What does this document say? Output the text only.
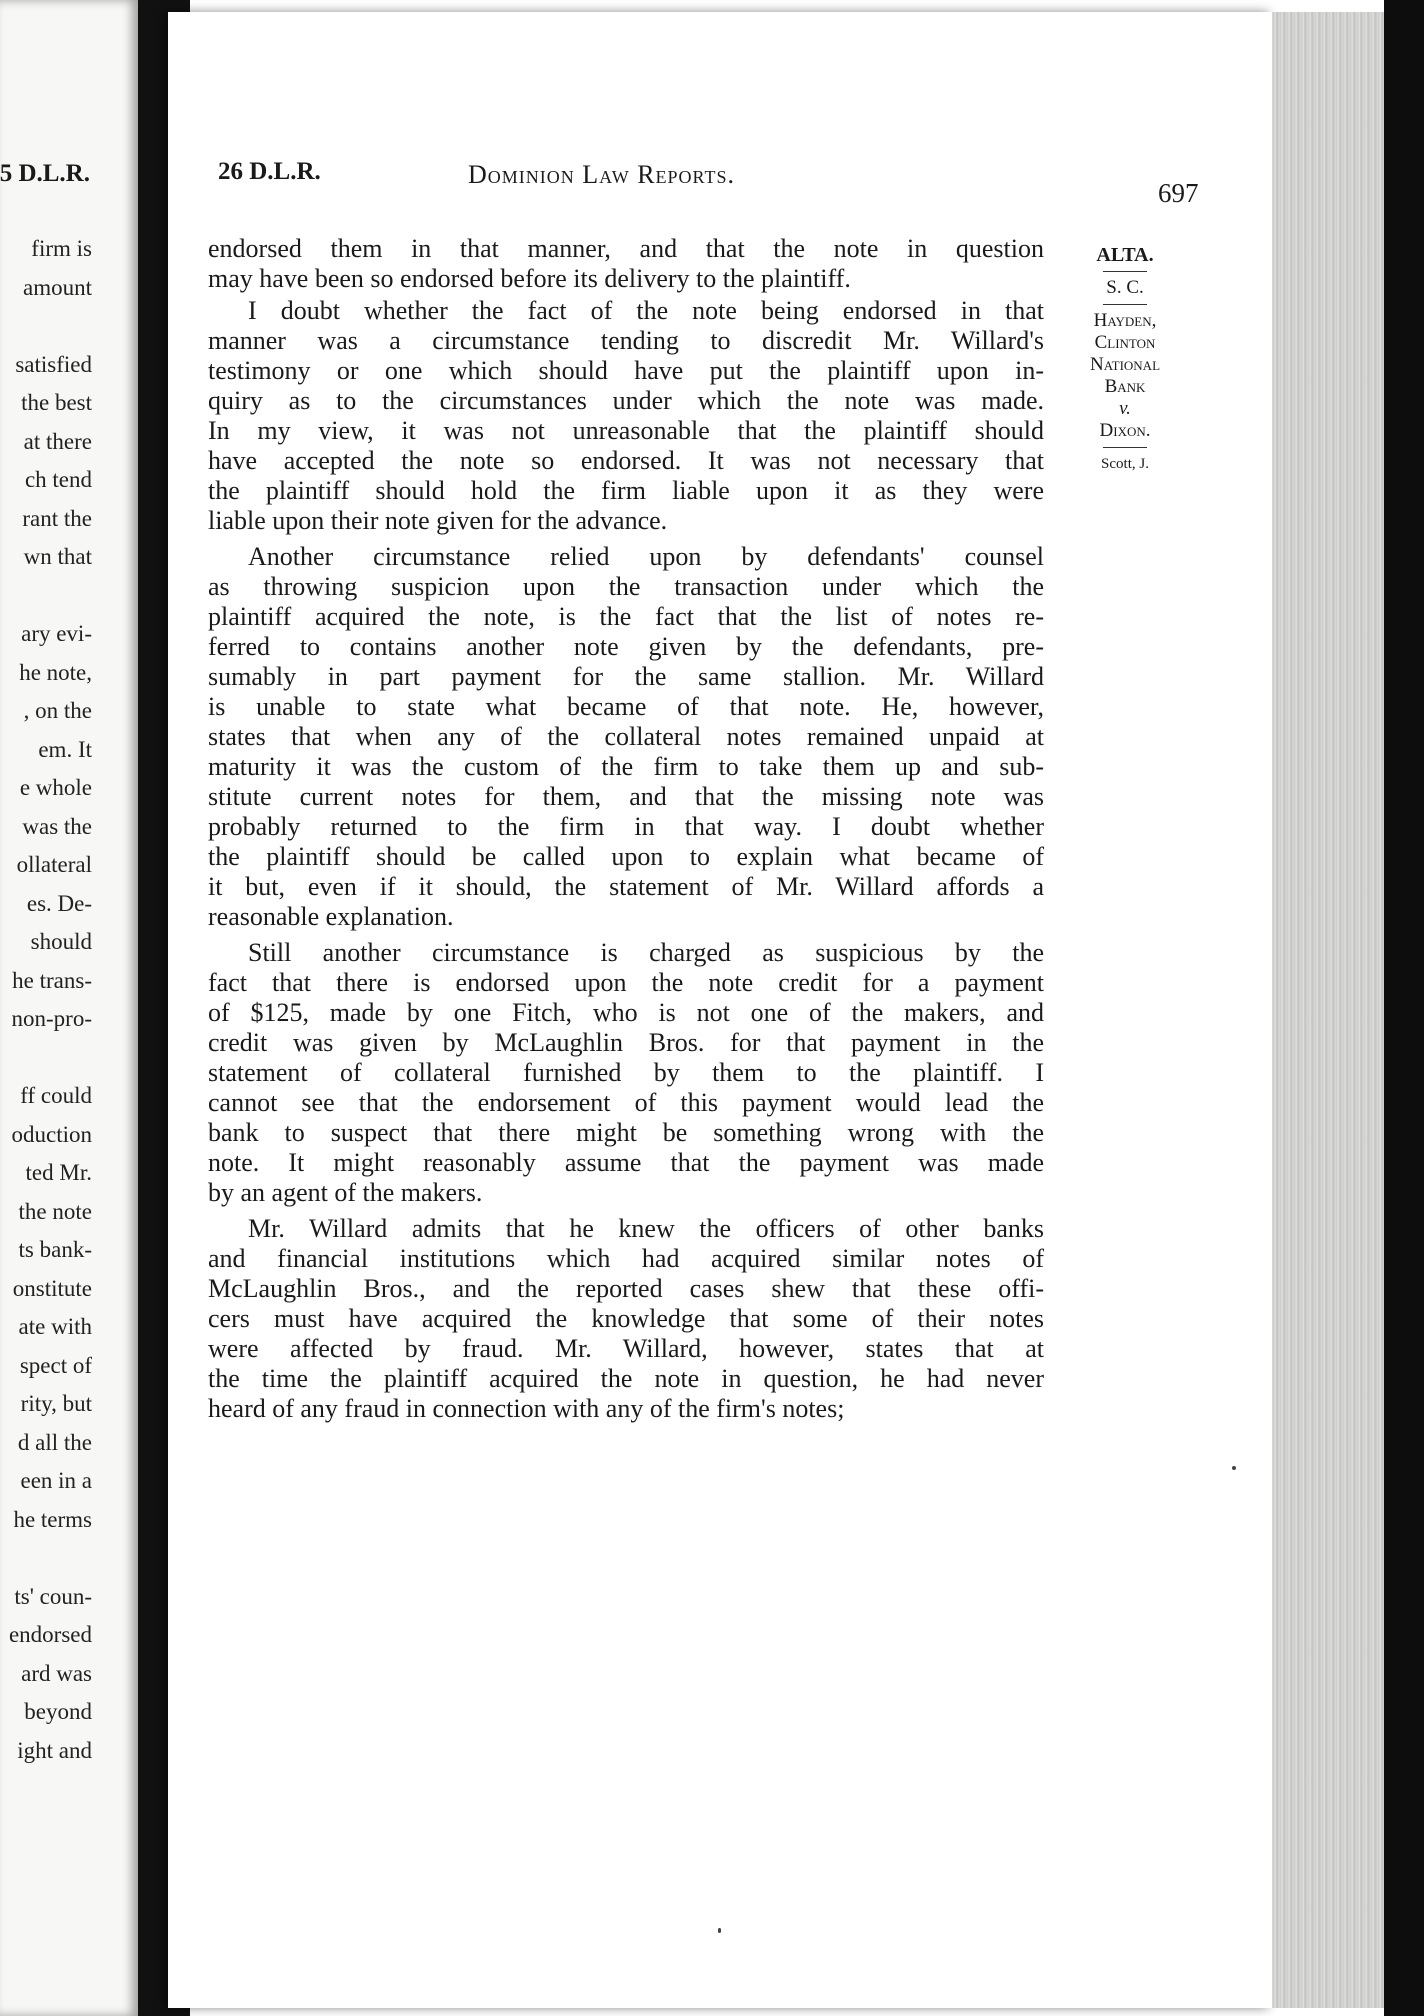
5 D.L.R.
firm is
amount
satisfied
the best
at there
ch tend
rant the
wn that
ary evi-
he note,
, on the
em. It
e whole
was the
ollateral
es. De-
should
he trans-
non-pro-
ff could
oduction
ted Mr.
the note
ts bank-
onstitute
ate with
spect of
rity, but
d all the
een in a
he terms
ts' coun-
endorsed
ard was
beyond
ight and
26 D.L.R.	Dominion Law Reports.
697
endorsed them in that manner, and that the note in question
may have been so endorsed before its delivery to the plaintiff.
I doubt whether the fact of the note being endorsed in that
manner was a circumstance tending to discredit Mr. Willard's
testimony or one which should have put the plaintiff upon in-
quiry as to the circumstances under which the note was made.
In my view, it was not unreasonable that the plaintiff should
have accepted the note so endorsed. It was not necessary that
the plaintiff should hold the firm liable upon it as they were
liable upon their note given for the advance.
Another circumstance relied upon by defendants' counsel
as throwing suspicion upon the transaction under which the
plaintiff acquired the note, is the fact that the list of notes re-
ferred to contains another note given by the defendants, pre-
sumably in part payment for the same stallion. Mr. Willard
is unable to state what became of that note. He, however,
states that when any of the collateral notes remained unpaid at
maturity it was the custom of the firm to take them up and sub-
stitute current notes for them, and that the missing note was
probably returned to the firm in that way. I doubt whether
the plaintiff should be called upon to explain what became of
it but, even if it should, the statement of Mr. Willard affords a
reasonable explanation.
Still another circumstance is charged as suspicious by the
fact that there is endorsed upon the note credit for a payment
of $125, made by one Fitch, who is not one of the makers, and
credit was given by McLaughlin Bros. for that payment in the
statement of collateral furnished by them to the plaintiff. I
cannot see that the endorsement of this payment would lead the
bank to suspect that there might be something wrong with the
note. It might reasonably assume that the payment was made
by an agent of the makers.
Mr. Willard admits that he knew the officers of other banks
and financial institutions which had acquired similar notes of
McLaughlin Bros., and the reported cases shew that these offi-
cers must have acquired the knowledge that some of their notes
were affected by fraud. Mr. Willard, however, states that at
the time the plaintiff acquired the note in question, he had never
heard of any fraud in connection with any of the firm's notes;
ALTA.
S. C.
Hayden,
Clinton
National
Bank
v.
Dixon.
Scott, J.
